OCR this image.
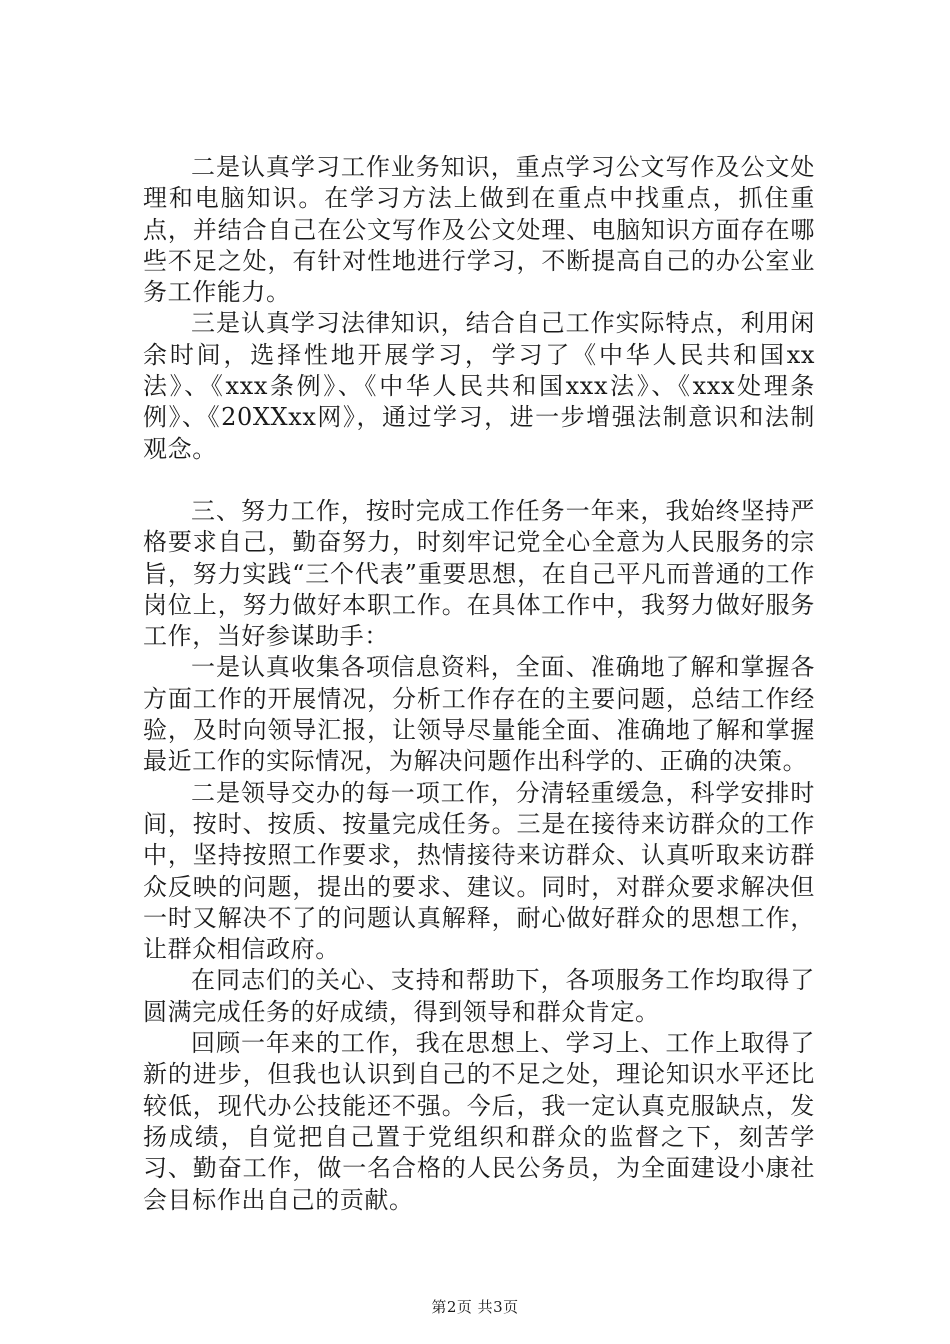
二是认真学习工作业务知识，重点学习公文写作及公文处理和电脑知识。在学习方法上做到在重点中找重点，抓住重点，并结合自己在公文写作及公文处理、电脑知识方面存在哪些不足之处，有针对性地进行学习，不断提高自己的办公室业务工作能力。

三是认真学习法律知识，结合自己工作实际特点，利用闲余时间，选择性地开展学习，学习了《中华人民共和国xx法》、《xxx条例》、《中华人民共和国xxx法》、《xxx处理条例》、《20XXxx网》，通过学习，进一步增强法制意识和法制观念。

三、努力工作，按时完成工作任务一年来，我始终坚持严格要求自己，勤奋努力，时刻牢记党全心全意为人民服务的宗旨，努力实践“三个代表”重要思想，在自己平凡而普通的工作岗位上，努力做好本职工作。在具体工作中，我努力做好服务工作，当好参谋助手：

一是认真收集各项信息资料，全面、准确地了解和掌握各方面工作的开展情况，分析工作存在的主要问题，总结工作经验，及时向领导汇报，让领导尽量能全面、准确地了解和掌握最近工作的实际情况，为解决问题作出科学的、正确的决策。

二是领导交办的每一项工作，分清轻重缓急，科学安排时间，按时、按质、按量完成任务。三是在接待来访群众的工作中，坚持按照工作要求，热情接待来访群众、认真听取来访群众反映的问题，提出的要求、建议。同时，对群众要求解决但一时又解决不了的问题认真解释，耐心做好群众的思想工作，让群众相信政府。

在同志们的关心、支持和帮助下，各项服务工作均取得了圆满完成任务的好成绩，得到领导和群众肯定。

回顾一年来的工作，我在思想上、学习上、工作上取得了新的进步，但我也认识到自己的不足之处，理论知识水平还比较低，现代办公技能还不强。今后，我一定认真克服缺点，发扬成绩，自觉把自己置于党组织和群众的监督之下，刻苦学习、勤奋工作，做一名合格的人民公务员，为全面建设小康社会目标作出自己的贡献。

第2页 共3页
